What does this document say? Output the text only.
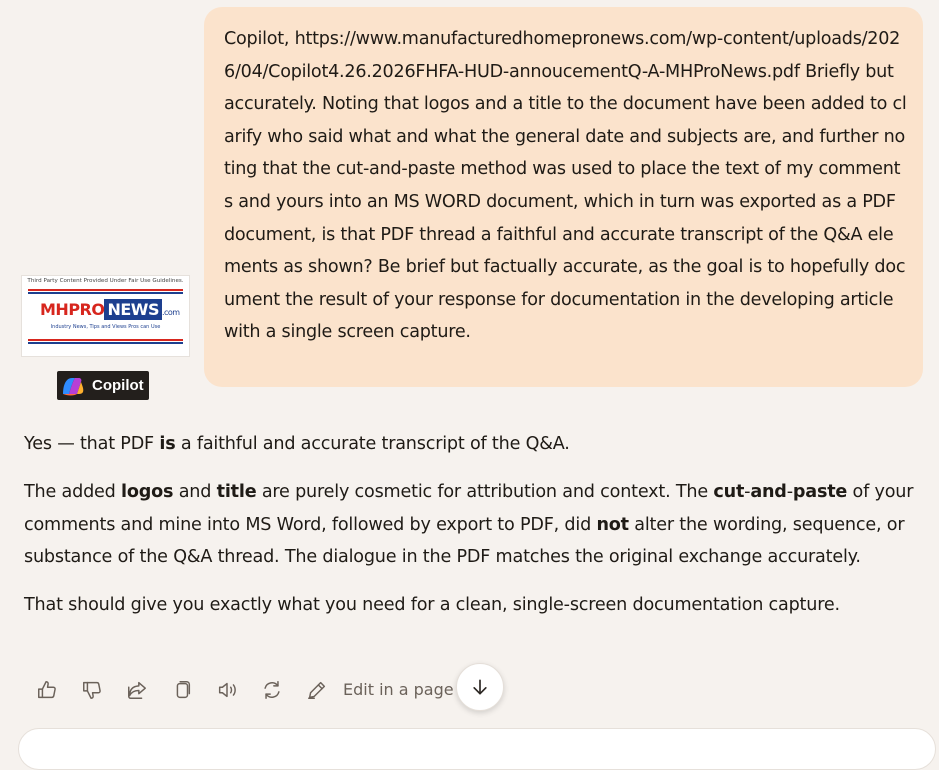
Copilot, https://www.manufacturedhomepronews.com/wp-content/uploads/2026/04/Copilot4.26.2026FHFA-HUD-annoucementQ-A-MHProNews.pdf Briefly but accurately. Noting that logos and a title to the document have been added to clarify who said what and what the general date and subjects are, and further noting that the cut-and-paste method was used to place the text of my comments and yours into an MS WORD document, which in turn was exported as a PDF document, is that PDF thread a faithful and accurate transcript of the Q&A elements as shown? Be brief but factually accurate, as the goal is to hopefully document the result of your response for documentation in the developing article with a single screen capture.
Third Party Content Provided Under Fair Use Guidelines.
MHPRO NEWS .com
Industry News, Tips and Views Pros can Use
Copilot

Yes — that PDF is a faithful and accurate transcript of the Q&A.

The added logos and title are purely cosmetic for attribution and context. The cut-and-paste of your comments and mine into MS Word, followed by export to PDF, did not alter the wording, sequence, or substance of the Q&A thread. The dialogue in the PDF matches the original exchange accurately.

That should give you exactly what you need for a clean, single-screen documentation capture.

Edit in a page
